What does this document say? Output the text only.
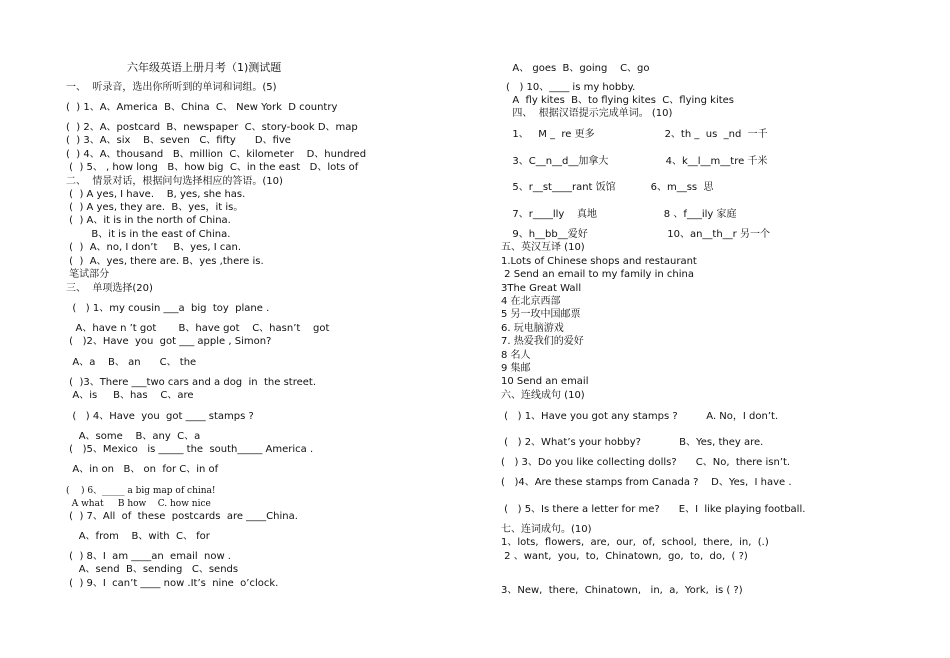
六年级英语上册月考（1)测试题
一、  听录音，选出你所听到的单词和词组。(5)
(  ) 1、A、America  B、China  C、 New York  D country
(  ) 2、A、postcard  B、newspaper  C、story-book D、map
(  ) 3、A、six    B、seven   C、fifty      D、five
(  ) 4、A、thousand   B、million  C、kilometer    D、hundred
(  ) 5、 , how long   B、how big  C、in the east   D、lots of
二、  情景对话，根据问句选择相应的答语。(10)
(  ) A yes, I have.    B, yes, she has.
(  ) A yes, they are.  B、yes，it is。
(  ) A、it is in the north of China.
B、it is in the east of China.
(  )  A、no, I don’t     B、yes, I can.
(  )  A、yes, there are. B、yes ,there is.
笔试部分
三、  单项选择(20)
(   ) 1、my cousin ___a  big  toy  plane .
A、have n ’t got       B、have got    C、hasn’t    got
(   )2、Have  you  got ___ apple , Simon?
A、a    B、 an      C、 the
(  )3、There ___two cars and a dog  in  the street.
A、is     B、has    C、are
(   ) 4、Have  you  got ____ stamps ?
A、some    B、any  C、a
(   )5、Mexico   is _____ the  south_____ America .
A、in on   B、 on  for C、in of
(    ) 6、_____ a big map of china!
A what     B how    C. how nice
(  ) 7、All  of  these  postcards  are ____China.
A、from    B、with  C、 for
(  ) 8、I  am ____an  email  now .
A、send  B、sending   C、sends
(  ) 9、I  can’t ____ now .It’s  nine  o’clock.
A、 goes  B、going    C、go
(   ) 10、____ is my hobby.
A  fly kites  B、to flying kites  C、flying kites
四、  根据汉语提示完成单词。 (10)
1、   M _  re 更多                      2、th _  us  _nd  一千
3、C__n__d__加拿大                  4、k__l__m__tre 千米
5、r__st____rant 饭馆           6、m__ss  思
7、r____lly    真地                     8 、f___ily 家庭
9、h__bb__爱好                         10、an__th__r 另一个
五、英汉互译 (10)
1.Lots of Chinese shops and restaurant
2 Send an email to my family in china
3The Great Wall
4 在北京西部
5 另一玫中国邮票
6. 玩电脑游戏
7. 热爱我们的爱好
8 名人
9 集邮
10 Send an email
六、连线成句 (10)
(   ) 1、Have you got any stamps ?         A. No，I don’t.
(   ) 2、What’s your hobby?            B、Yes, they are.
(   ) 3、Do you like collecting dolls?      C、No,  there isn’t.
(   )4、Are these stamps from Canada ?    D、Yes,  I have .
(   ) 5、Is there a letter for me?      E、I  like playing football.
七、连词成句。(10)
1、lots,  flowers,  are,  our,  of,  school,  there,  in,  (.)
2 、want,  you,  to,  Chinatown,  go,  to,  do,  ( ?)
3、New,  there,  Chinatown,   in,  a,  York,  is ( ?)
